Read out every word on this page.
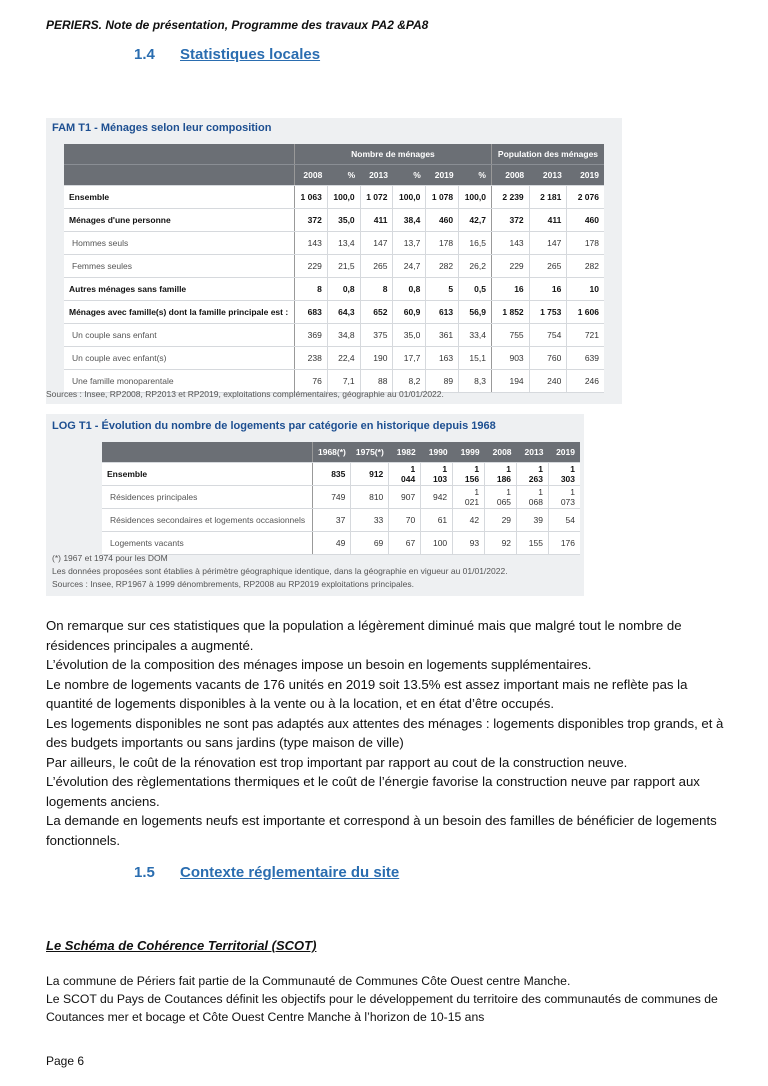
PERIERS. Note de présentation, Programme des travaux PA2 &PA8
1.4 Statistiques locales
FAM T1 - Ménages selon leur composition
	Nombre de ménages						Population des ménages		
	2008	%	2013	%	2019	%	2008	2013	2019
Ensemble	1 063	100,0	1 072	100,0	1 078	100,0	2 239	2 181	2 076
Ménages d'une personne	372	35,0	411	38,4	460	42,7	372	411	460
Hommes seuls	143	13,4	147	13,7	178	16,5	143	147	178
Femmes seules	229	21,5	265	24,7	282	26,2	229	265	282
Autres ménages sans famille	8	0,8	8	0,8	5	0,5	16	16	10
Ménages avec famille(s) dont la famille principale est :	683	64,3	652	60,9	613	56,9	1 852	1 753	1 606
Un couple sans enfant	369	34,8	375	35,0	361	33,4	755	754	721
Un couple avec enfant(s)	238	22,4	190	17,7	163	15,1	903	760	639
Une famille monoparentale	76	7,1	88	8,2	89	8,3	194	240	246
Sources : Insee, RP2008, RP2013 et RP2019, exploitations complémentaires, géographie au 01/01/2022.
LOG T1 - Évolution du nombre de logements par catégorie en historique depuis 1968
	1968(*)	1975(*)	1982	1990	1999	2008	2013	2019
Ensemble	835	912	1 044	1 103	1 156	1 186	1 263	1 303
Résidences principales	749	810	907	942	1 021	1 065	1 068	1 073
Résidences secondaires et logements occasionnels	37	33	70	61	42	29	39	54
Logements vacants	49	69	67	100	93	92	155	176
(*) 1967 et 1974 pour les DOM
Les données proposées sont établies à périmètre géographique identique, dans la géographie en vigueur au 01/01/2022.
Sources : Insee, RP1967 à 1999 dénombrements, RP2008 au RP2019 exploitations principales.

On remarque sur ces statistiques que la population a légèrement diminué mais que malgré tout le nombre de résidences principales a augmenté.

L’évolution de la composition des ménages impose un besoin en logements supplémentaires.

Le nombre de logements vacants de 176 unités en 2019 soit 13.5% est assez important mais ne reflète pas la quantité de logements disponibles à la vente ou à la location, et en état d’être occupés.

Les logements disponibles ne sont pas adaptés aux attentes des ménages : logements disponibles trop grands, et à des budgets importants ou sans jardins (type maison de ville)

Par ailleurs, le coût de la rénovation est trop important par rapport au cout de la construction neuve.

L’évolution des règlementations thermiques et le coût de l’énergie favorise la construction neuve par rapport aux logements anciens.

La demande en logements neufs est importante et correspond à un besoin des familles de bénéficier de logements fonctionnels.

1.5 Contexte réglementaire du site
Le Schéma de Cohérence Territorial (SCOT)

La commune de Périers fait partie de la Communauté de Communes Côte Ouest centre Manche.

Le SCOT du Pays de Coutances définit les objectifs pour le développement du territoire des communautés de communes de Coutances mer et bocage et Côte Ouest Centre Manche à l’horizon de 10-15 ans

Page 6
